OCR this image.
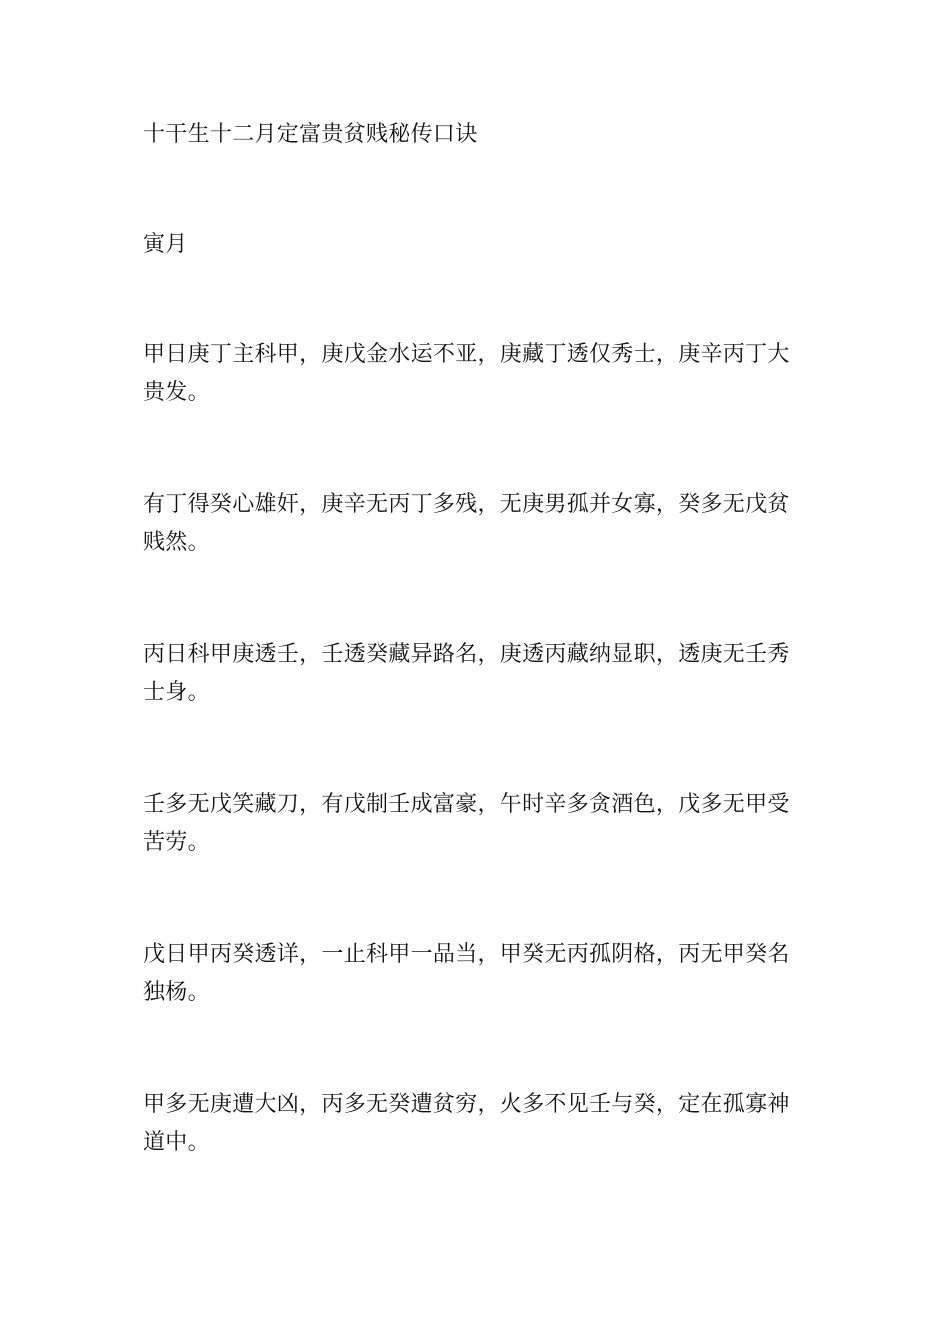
十干生十二月定富贵贫贱秘传口诀

寅月

甲日庚丁主科甲，庚戊金水运不亚，庚藏丁透仅秀士，庚辛丙丁大贵发。

有丁得癸心雄奸，庚辛无丙丁多残，无庚男孤并女寡，癸多无戊贫贱然。

丙日科甲庚透壬，壬透癸藏异路名，庚透丙藏纳显职，透庚无壬秀士身。

壬多无戊笑藏刀，有戊制壬成富豪，午时辛多贪酒色，戊多无甲受苦劳。

戊日甲丙癸透详，一止科甲一品当，甲癸无丙孤阴格，丙无甲癸名独杨。

甲多无庚遭大凶，丙多无癸遭贫穷，火多不见壬与癸，定在孤寡神道中。
